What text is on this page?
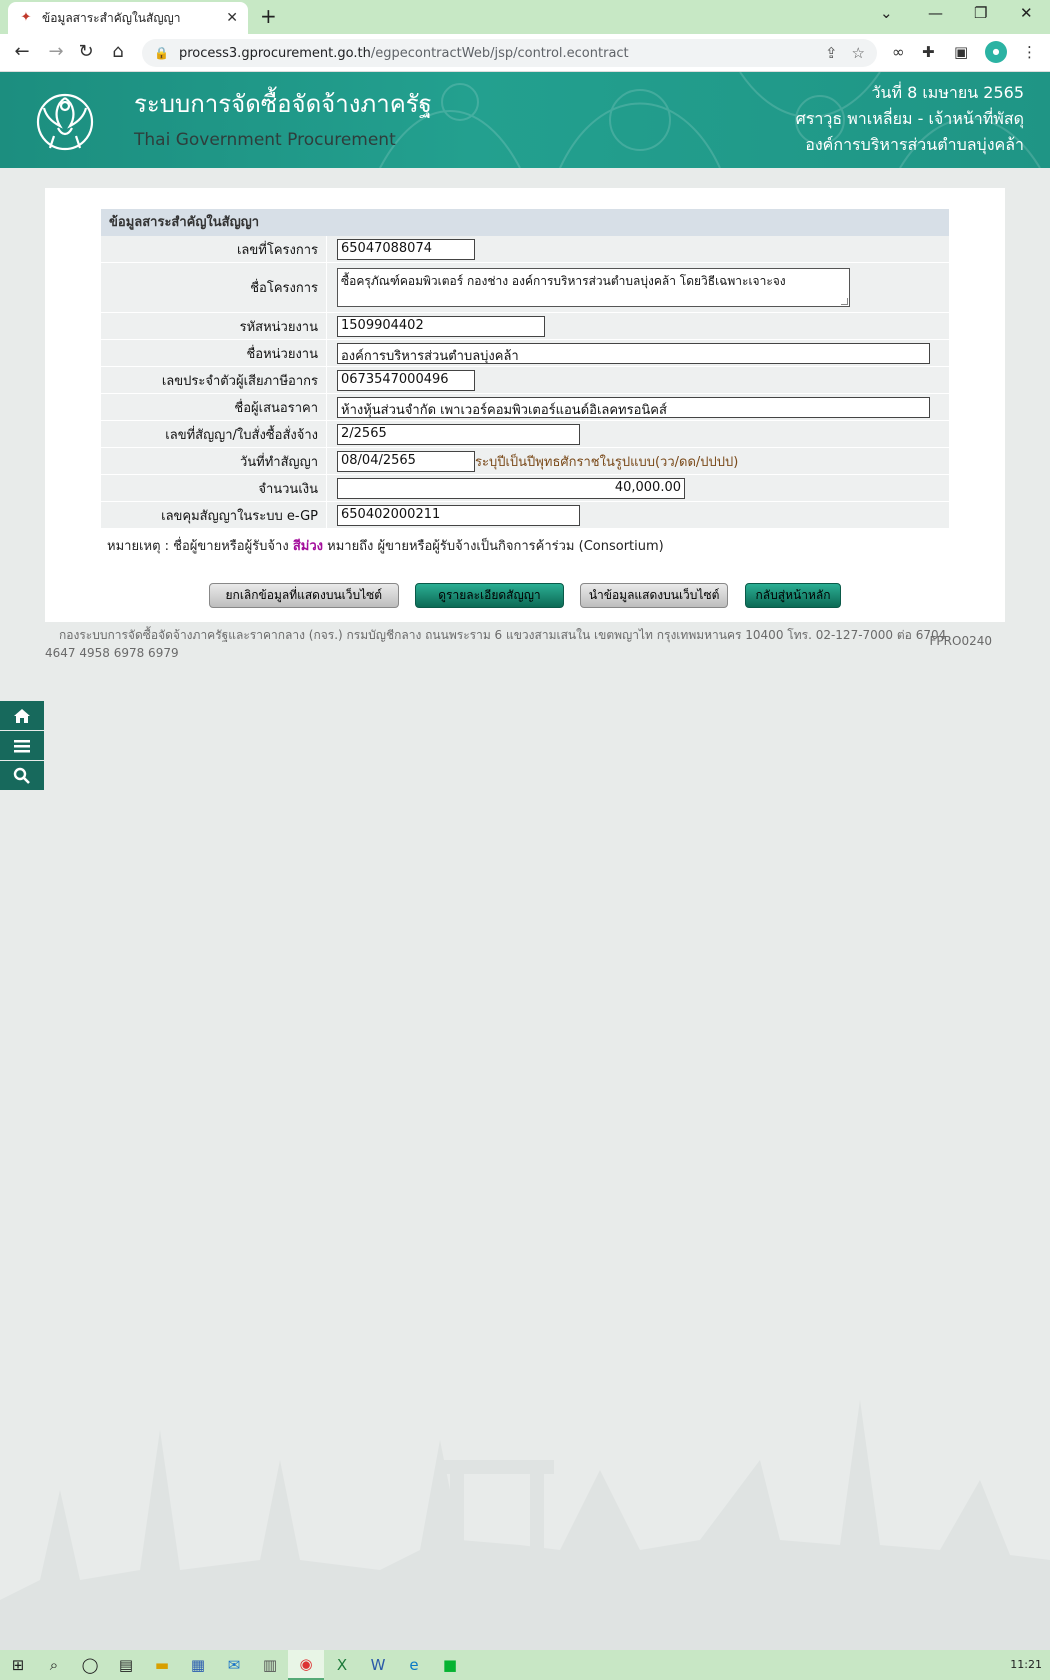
✦ ข้อมูลสาระสำคัญในสัญญา	✕ +	⌄ — ❐ ✕
← → ↻	⌂	🔒 process3.gprocurement.go.th/egpecontractWeb/jsp/control.econtract	⇪ ☆ ∞ ✚ ▣	⋮
●
ระบบการจัดซื้อจัดจ้างภาครัฐ
Thai Government Procurement
วันที่ 8 เมษายน 2565
ศราวุธ พาเหลี่ยม - เจ้าหน้าที่พัสดุ
องค์การบริหารส่วนตำบลบุ่งคล้า
ข้อมูลสาระสำคัญในสัญญา
เลขที่โครงการ	65047088074
ชื่อโครงการ	ซื้อครุภัณฑ์คอมพิวเตอร์ กองช่าง องค์การบริหารส่วนตำบลบุ่งคล้า โดยวิธีเฉพาะเจาะจง
รหัสหน่วยงาน	1509904402
ชื่อหน่วยงาน	องค์การบริหารส่วนตำบลบุ่งคล้า
เลขประจำตัวผู้เสียภาษีอากร	0673547000496
ชื่อผู้เสนอราคา	ห้างหุ้นส่วนจำกัด เพาเวอร์คอมพิวเตอร์แอนด์อิเลคทรอนิคส์
เลขที่สัญญา/ใบสั่งซื้อสั่งจ้าง	2/2565
วันที่ทำสัญญา	08/04/2565	ระบุปีเป็นปีพุทธศักราชในรูปแบบ(วว/ดด/ปปปป)
จำนวนเงิน	40,000.00
เลขคุมสัญญาในระบบ e-GP	650402000211
หมายเหตุ : ชื่อผู้ขายหรือผู้รับจ้าง สีม่วง หมายถึง ผู้ขายหรือผู้รับจ้างเป็นกิจการค้าร่วม (Consortium)
ยกเลิกข้อมูลที่แสดงบนเว็บไซต์	ดูรายละเอียดสัญญา	นำข้อมูลแสดงบนเว็บไซต์	กลับสู่หน้าหลัก
กองระบบการจัดซื้อจัดจ้างภาครัฐและราคากลาง (กจร.) กรมบัญชีกลาง ถนนพระราม 6 แขวงสามเสนใน เขตพญาไท กรุงเทพมหานคร 10400 โทร. 02-127-7000 ต่อ 6704 4647 4958 6978 6979
FPRO0240
⊞	⌕	◯	▤	▬	▦	✉	▥	◉	X	W	e	■	11:21
